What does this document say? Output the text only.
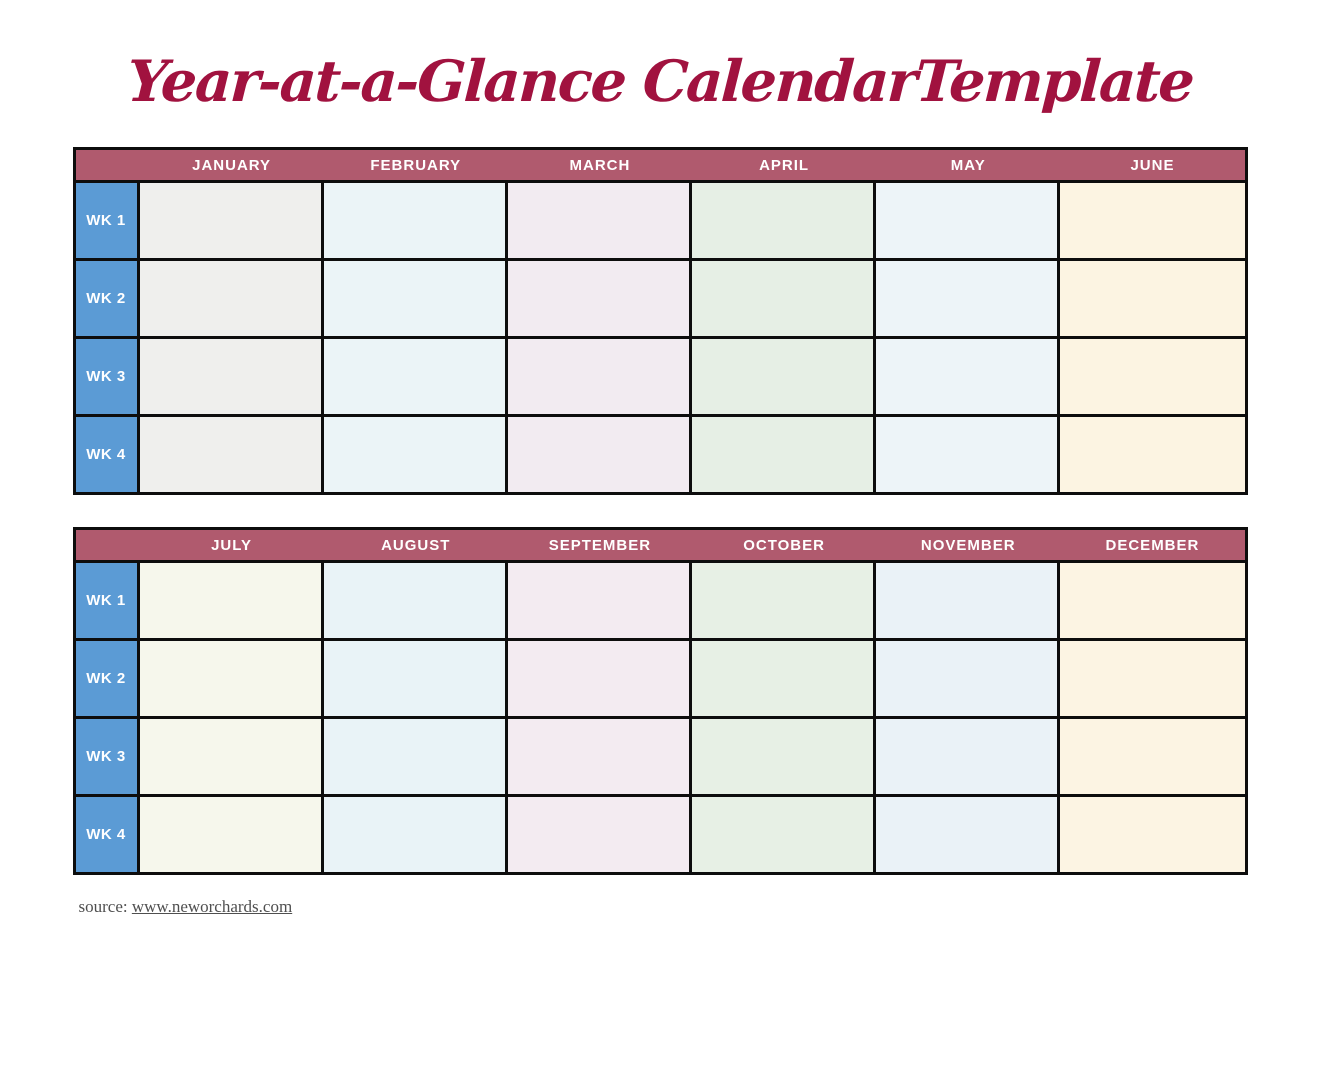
Year-at-a-Glance CalendarTemplate
JANUARY	FEBRUARY	MARCH	APRIL	MAY	JUNE
WK 1
WK 2
WK 3
WK 4
JULY	AUGUST	SEPTEMBER	OCTOBER	NOVEMBER	DECEMBER
WK 1
WK 2
WK 3
WK 4
source: www.neworchards.com
